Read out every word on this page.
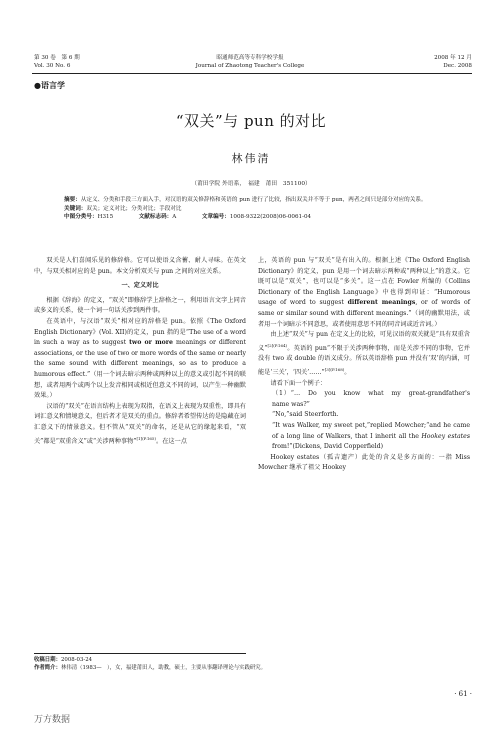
第 30 卷　第 6 期
Vol. 30 No. 6
昭通师范高等专科学校学报
Journal of Zhaotong Teacher's College
2008 年 12 月
Dec. 2008
●语言学
“双关”与 pun 的对比
林伟清
（莆田学院 外语系，　福建　莆田　351100）
摘要：从定义、分类和手段三方面入手，对汉语的双关修辞格和英语的 pun 进行了比较，指出双关并不等于 pun，两者之间只是部分对应的关系。
关键词：双关；定义对比；分类对比；手段对比
中图分类号：H315	文献标志码：A	文章编号：1008-9322(2008)06-0061-04

双关是人们喜闻乐见的修辞格。它可以使语义含蓄、耐人寻味。在英文中，与双关相对应的是 pun。本文分析双关与 pun 之间的对应关系。

一、定义对比

根据《辞海》的定义，“双关”即修辞学上辞格之一，利用语言文字上同音或多义的关系，使一个词一句话关涉到两件事。

在英语中，与汉语“双关”相对应的辞格是 pun。依照《The Oxford English Dictionary》(Vol. XII)的定义，pun 指的是“The use of a word in such a way as to suggest two or more meanings or different associations, or the use of two or more words of the same or nearly the same sound with different meanings, so as to produce a humorous effect.”（用一个词去暗示两种或两种以上的意义或引起不同的联想，或者用两个或两个以上发音相同或相近但意义不同的词，以产生一种幽默效果。）

汉语的“双关”在语言结构上表现为双指，在语义上表现为双重性，即具有词汇意义和情境意义，但后者才是双关的重点。修辞者希望传达的是隐藏在词汇意义下的情景意义。但不管从“双关”的命名，还是从它的缘起来看，“双关”都是“双重含义”或“关涉两种事物”$^{[1](P.165)}$。在这一点

上，英语的 pun 与“双关”是有出入的。根据上述《The Oxford English Dictionary》的定义，pun 是用一个词去暗示两种或“两种以上”的意义。它既可以是“双关”，也可以是“多关”。这一点在 Fowler 所编的《Collins Dictionary of the English Language》中也得到印证：“Humorous usage of word to suggest different meanings, or of words of same or similar sound with different meanings.”（词的幽默用法，或者用一个词暗示不同意思，或者使用意思不同的同音词或近音词。）

由上述“双关”与 pun 在定义上的比较，可见汉语的双关就是“具有双重含义”$^{[2](P.164)}$。英语的 pun“不限于关涉两种事物，而是关涉不同的事物，它并没有 two 或 double 的语义成分。所以英语辞格 pun 并没有‘双’的内涵，可能是‘三关’，‘四关’……”$^{[3](P.168)}$。

请看下面一个例子：

（1）“…　Do　you　know　what　my　great-grandfather's name was?”

“No,”said Steerforth.

“It was Walker, my sweet pet,”replied Mowcher;“and he came of a long line of Walkers, that I inherit all the Hookey estates from!”(Dickens, David Copperfield)

Hookey estates（孤吉遗产）此处的含义是多方面的：一指 Miss Mowcher 继承了祖父 Hookey

收稿日期：2008-03-24
作者简介：林伟清（1983—　），女，福建莆田人，助教，硕士，主要从事翻译理论与实践研究。
· 61 ·
万方数据
